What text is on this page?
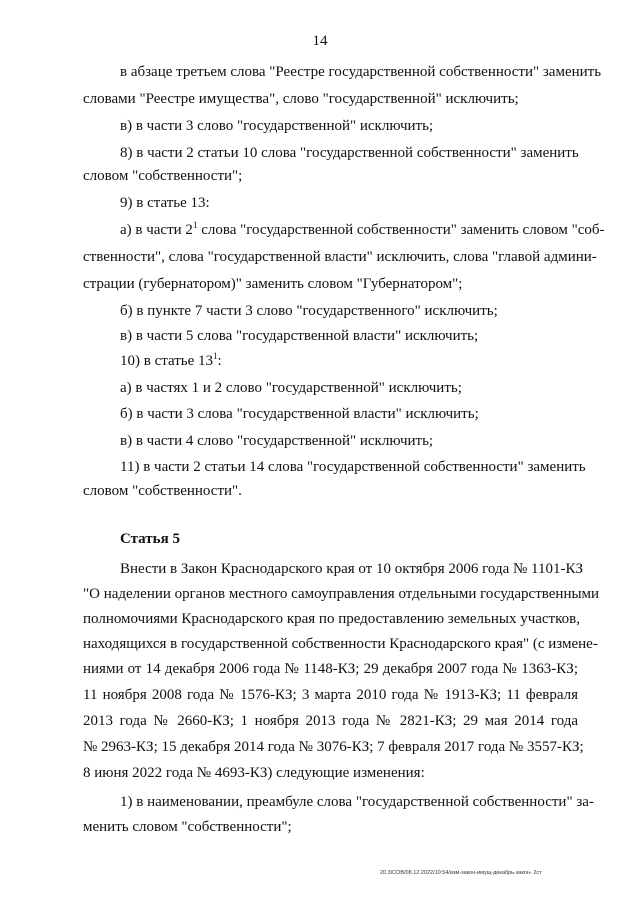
14
в абзаце третьем слова "Реестре государственной собственности" заменить
словами "Реестре имущества", слово "государственной" исключить;
в) в части 3 слово "государственной" исключить;
8) в части 2 статьи 10 слова "государственной собственности" заменить
словом "собственности";
9) в статье 13:
а) в части $2^1$ слова "государственной собственности" заменить словом "соб-
ственности", слова "государственной власти" исключить, слова "главой админи-
страции (губернатором)" заменить словом "Губернатором";
б) в пункте 7 части 3 слово "государственного" исключить;
в) в части 5 слова "государственной власти" исключить;
10) в статье $13^1$:
а) в частях 1 и 2 слово "государственной" исключить;
б) в части 3 слова "государственной власти" исключить;
в) в части 4 слово "государственной" исключить;
11) в части 2 статьи 14 слова "государственной собственности" заменить
словом "собственности".
Статья 5
Внести в Закон Краснодарского края от 10 октября 2006 года № 1101-КЗ
"О наделении органов местного самоуправления отдельными государственными
полномочиями Краснодарского края по предоставлению земельных участков,
находящихся в государственной собственности Краснодарского края" (с измене-
ниями от 14 декабря 2006 года № 1148-КЗ; 29 декабря 2007 года № 1363-КЗ;
11 ноября 2008 года № 1576-КЗ; 3 марта 2010 года № 1913-КЗ; 11 февраля
2013 года № 2660-КЗ; 1 ноября 2013 года № 2821-КЗ; 29 мая 2014 года
№ 2963-КЗ; 15 декабря 2014 года № 3076-КЗ; 7 февраля 2017 года № 3557-КЗ;
8 июня 2022 года № 4693-КЗ) следующие изменения:
1) в наименовании, преамбуле слова "государственной собственности" за-
менить словом "собственности";
20.3/СОВ/08.12.2022/10:54/изм-закон-имущ-декабрь-закон- 2ст
